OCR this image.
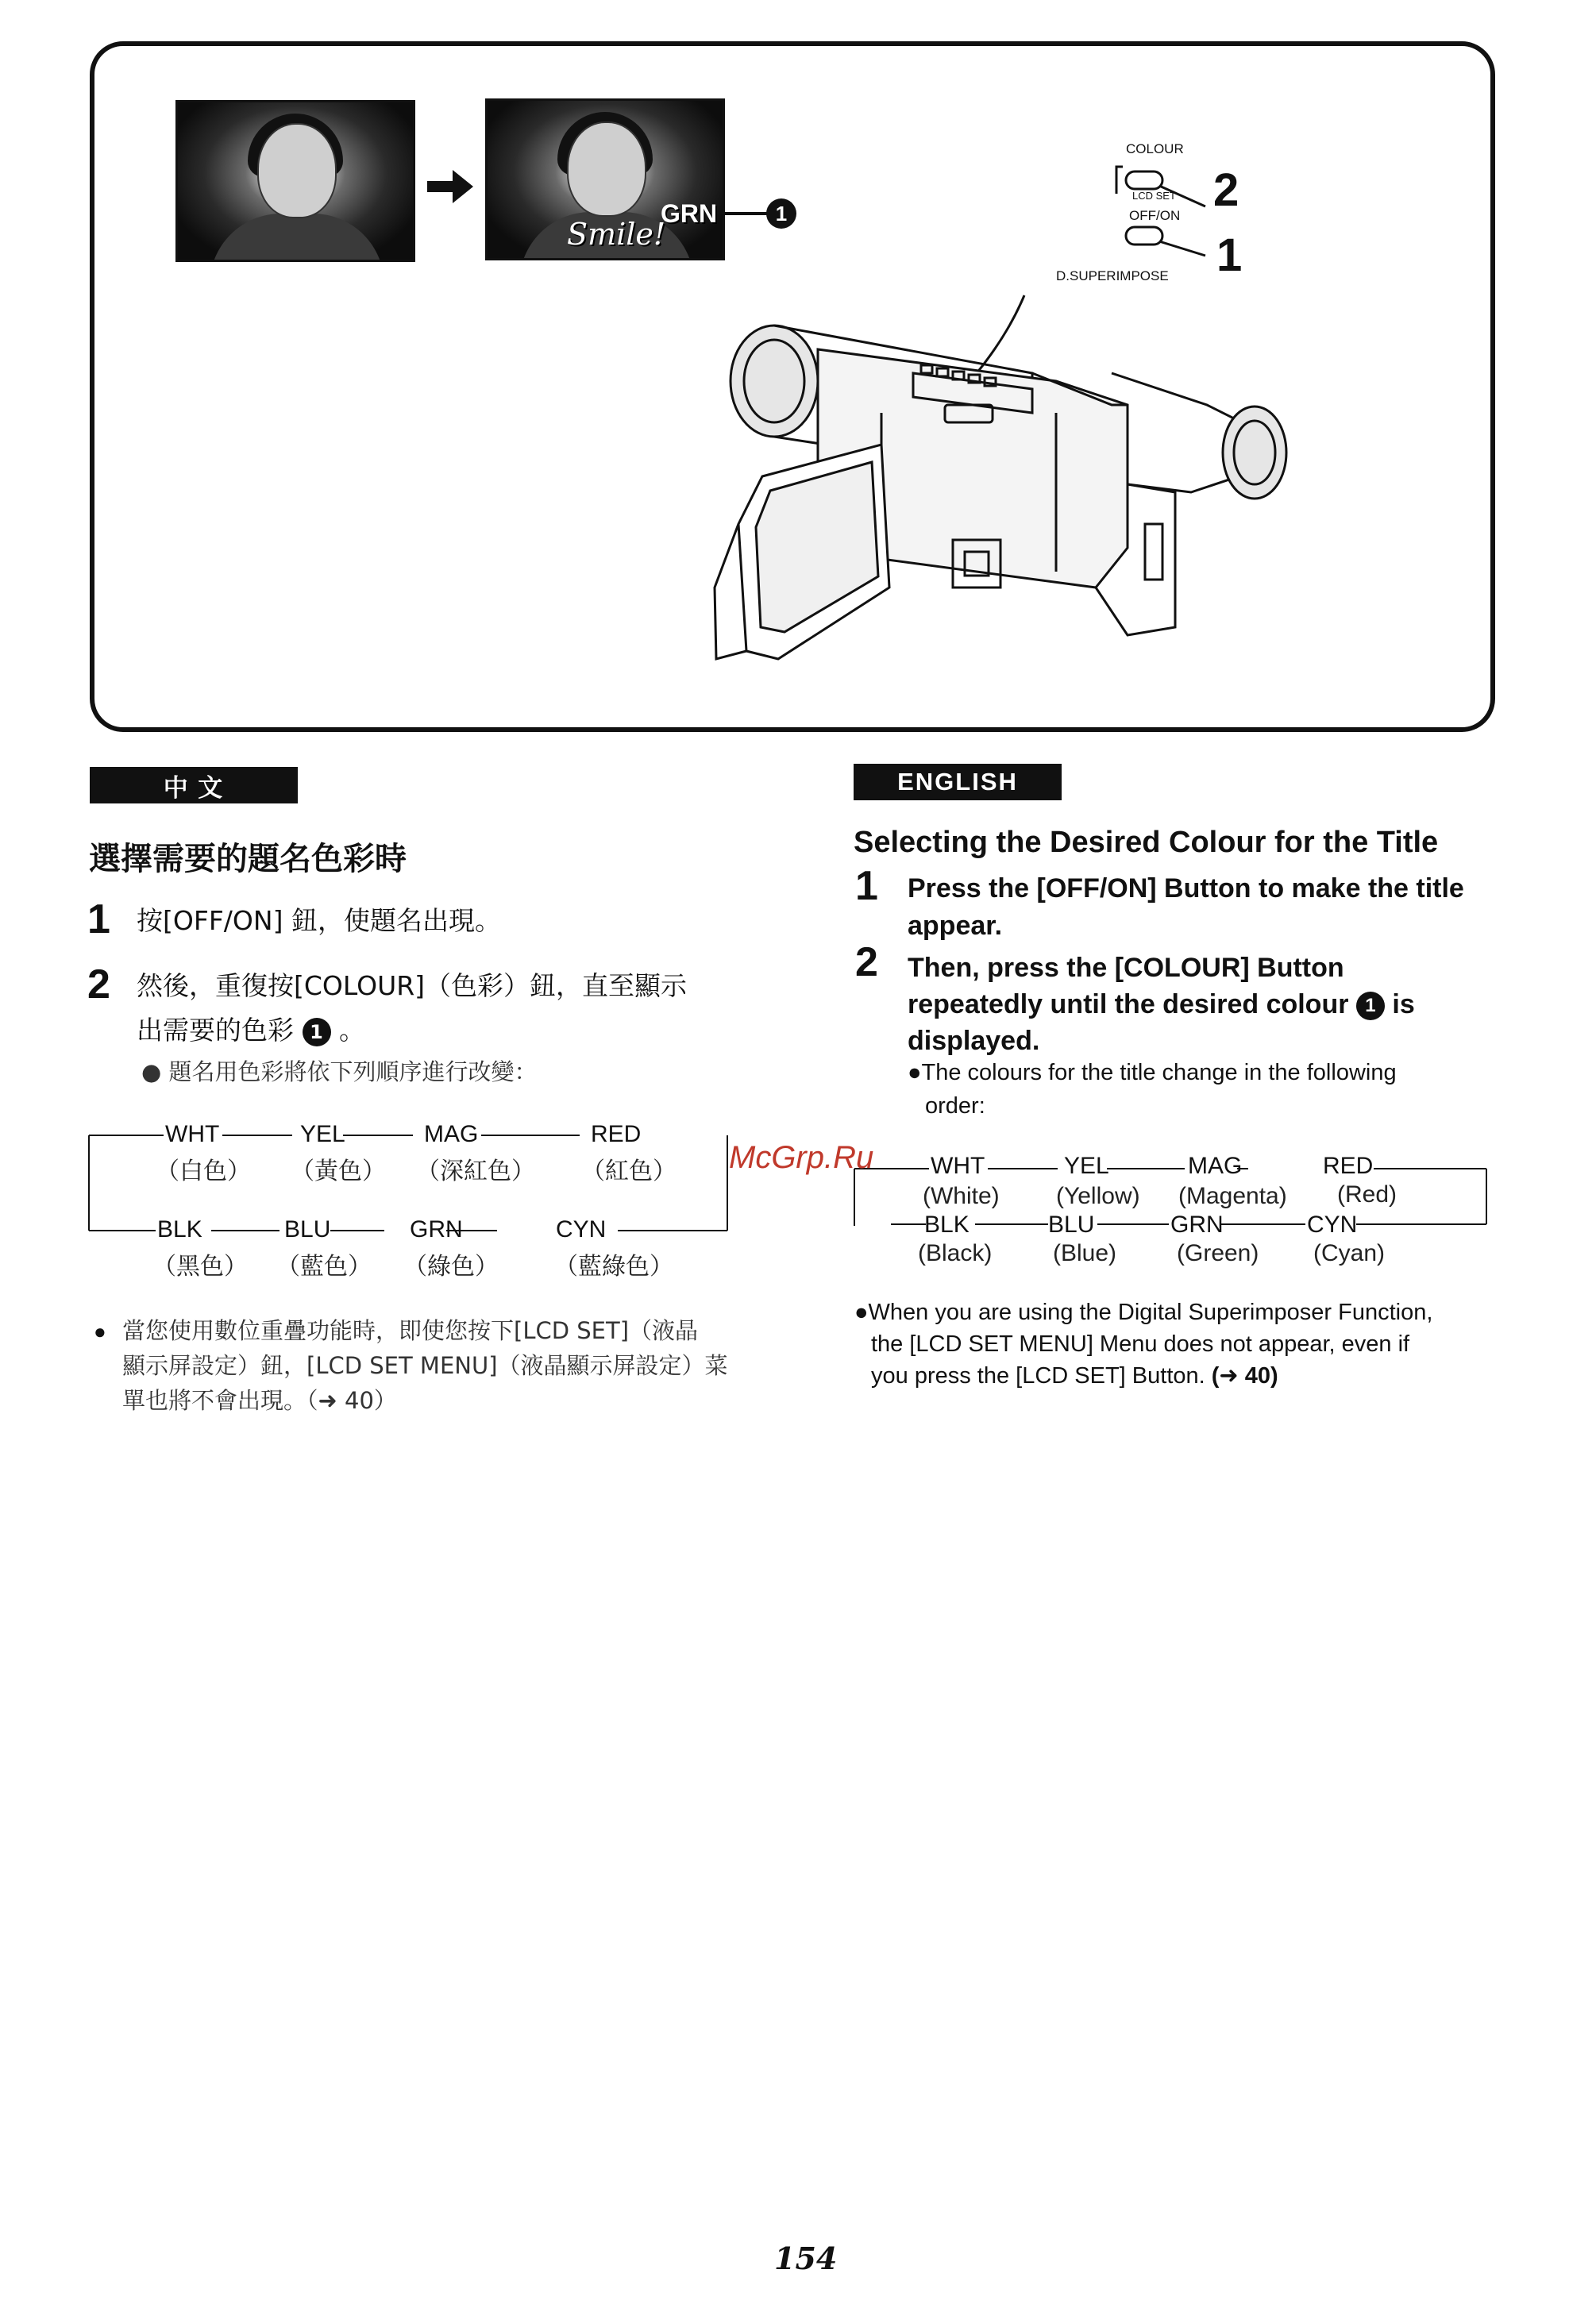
Smile!
GRN	1
COLOUR
LCD SET
OFF/ON
D.SUPERIMPOSE
2
1
中 文
選擇需要的題名色彩時
1 按[OFF/ON] 鈕，使題名出現。
2 然後，重復按[COLOUR]（色彩）鈕，直至顯示
出需要的色彩 1 。
● 題名用色彩將依下列順序進行改變：
WHT	YEL	MAG	RED
（白色） （黃色） （深紅色） （紅色）
BLK	BLU	GRN	CYN
（黑色） （藍色） （綠色） （藍綠色）
● 當您使用數位重疊功能時，即使您按下[LCD SET]（液晶
顯示屏設定）鈕，[LCD SET MENU]（液晶顯示屏設定）菜
單也將不會出現。（➜ 40）
ENGLISH
Selecting the Desired Colour for the Title
1 Press the [OFF/ON] Button to make the title
appear.
2 Then, press the [COLOUR] Button
repeatedly until the desired colour 1 is
displayed.
●The colours for the title change in the following
order:
WHT	YEL	MAG	RED
(White) (Yellow) (Magenta) (Red)
BLK	BLU	GRN	CYN
(Black)	(Blue)	(Green) (Cyan)
●When you are using the Digital Superimposer Function,
the [LCD SET MENU] Menu does not appear, even if
you press the [LCD SET] Button. (➜ 40)
McGrp.Ru
154
